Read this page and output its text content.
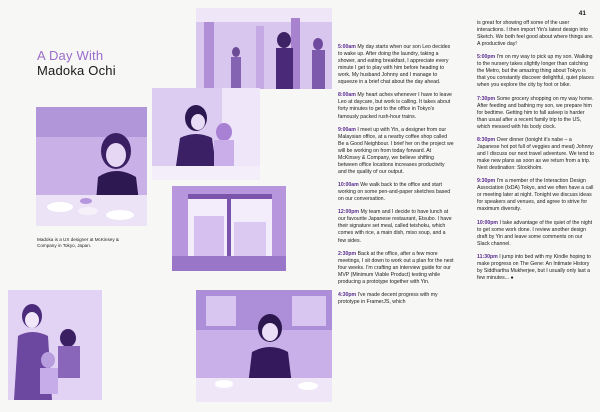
41
A Day With
Madoka Ochi
Madoka is a UX designer at McKinsey & Company in Tokyo, Japan.

5:00am My day starts when our son Leo decides to wake up. After doing the laundry, taking a shower, and eating breakfast, I appreciate every minute I get to play with him before heading to work. My husband Johnny and I manage to squeeze in a brief chat about the day ahead.

8:00am My heart aches whenever I have to leave Leo at daycare, but work is calling. It takes about forty minutes to get to the office in Tokyo's famously packed rush-hour trains.

9:00am I meet up with Yin, a designer from our Malaysian office, at a nearby coffee shop called Be a Good Neighbour. I brief her on the project we will be working on from today forward. At McKinsey & Company, we believe shifting between office locations increases productivity and the quality of our output.

10:00am We walk back to the office and start working on some pen-and-paper sketches based on our conversation.

12:00pm My team and I decide to have lunch at our favourite Japanese restaurant, Etsubo. I have their signature set meal, called teishoku, which comes with rice, a main dish, miso soup, and a few sides.

2:30pm Back at the office, after a few more meetings, I sit down to work out a plan for the next four weeks. I'm crafting an interview guide for our MVP (Minimum Viable Product) testing while producing a prototype together with Yin.

4:30pm I've made decent progress with my prototype in FramerJS, which

is great for showing off some of the user interactions. I then import Yin's latest design into Sketch. We both feel good about where things are. A productive day!

5:00pm I'm on my way to pick up my son. Walking to the nursery takes slightly longer than catching the Metro, but the amazing thing about Tokyo is that you constantly discover delightful, quiet places when you explore the city by foot or bike.

7:30pm Some grocery shopping on my way home. After feeding and bathing my son, we prepare him for bedtime. Getting him to fall asleep is harder than usual after a recent family trip to the US, which messed with his body clock.

8:30pm Over dinner (tonight it's nabe – a Japanese hot pot full of veggies and meat) Johnny and I discuss our next travel adventure. We tend to make new plans as soon as we return from a trip. Next destination: Stockholm.

9:30pm I'm a member of the Interaction Design Association (IxDA) Tokyo, and we often have a call or meeting later at night. Tonight we discuss ideas for speakers and venues, and agree to strive for maximum diversity.

10:00pm I take advantage of the quiet of the night to get some work done. I review another design draft by Yin and leave some comments on our Slack channel.

11:30pm I jump into bed with my Kindle hoping to make progress on The Gene: An Intimate History by Siddhartha Mukherjee, but I usually only last a few minutes... ●
